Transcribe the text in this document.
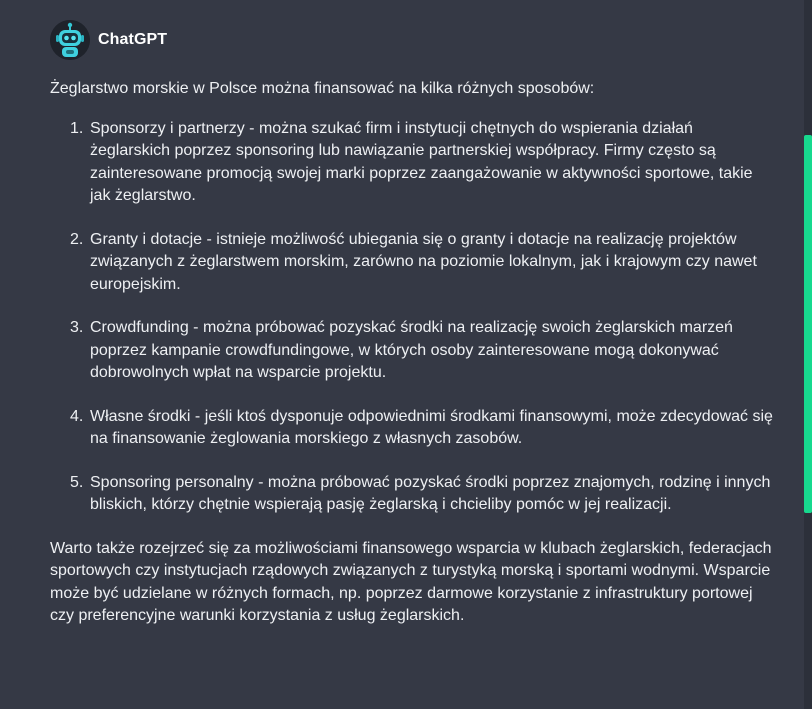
ChatGPT

Żeglarstwo morskie w Polsce można finansować na kilka różnych sposobów:

1. Sponsorzy i partnerzy - można szukać firm i instytucji chętnych do wspierania działań żeglarskich poprzez sponsoring lub nawiązanie partnerskiej współpracy. Firmy często są zainteresowane promocją swojej marki poprzez zaangażowanie w aktywności sportowe, takie jak żeglarstwo.
2. Granty i dotacje - istnieje możliwość ubiegania się o granty i dotacje na realizację projektów związanych z żeglarstwem morskim, zarówno na poziomie lokalnym, jak i krajowym czy nawet europejskim.
3. Crowdfunding - można próbować pozyskać środki na realizację swoich żeglarskich marzeń poprzez kampanie crowdfundingowe, w których osoby zainteresowane mogą dokonywać dobrowolnych wpłat na wsparcie projektu.
4. Własne środki - jeśli ktoś dysponuje odpowiednimi środkami finansowymi, może zdecydować się na finansowanie żeglowania morskiego z własnych zasobów.
5. Sponsoring personalny - można próbować pozyskać środki poprzez znajomych, rodzinę i innych bliskich, którzy chętnie wspierają pasję żeglarską i chcieliby pomóc w jej realizacji.

Warto także rozejrzeć się za możliwościami finansowego wsparcia w klubach żeglarskich, federacjach sportowych czy instytucjach rządowych związanych z turystyką morską i sportami wodnymi. Wsparcie może być udzielane w różnych formach, np. poprzez darmowe korzystanie z infrastruktury portowej czy preferencyjne warunki korzystania z usług żeglarskich.
